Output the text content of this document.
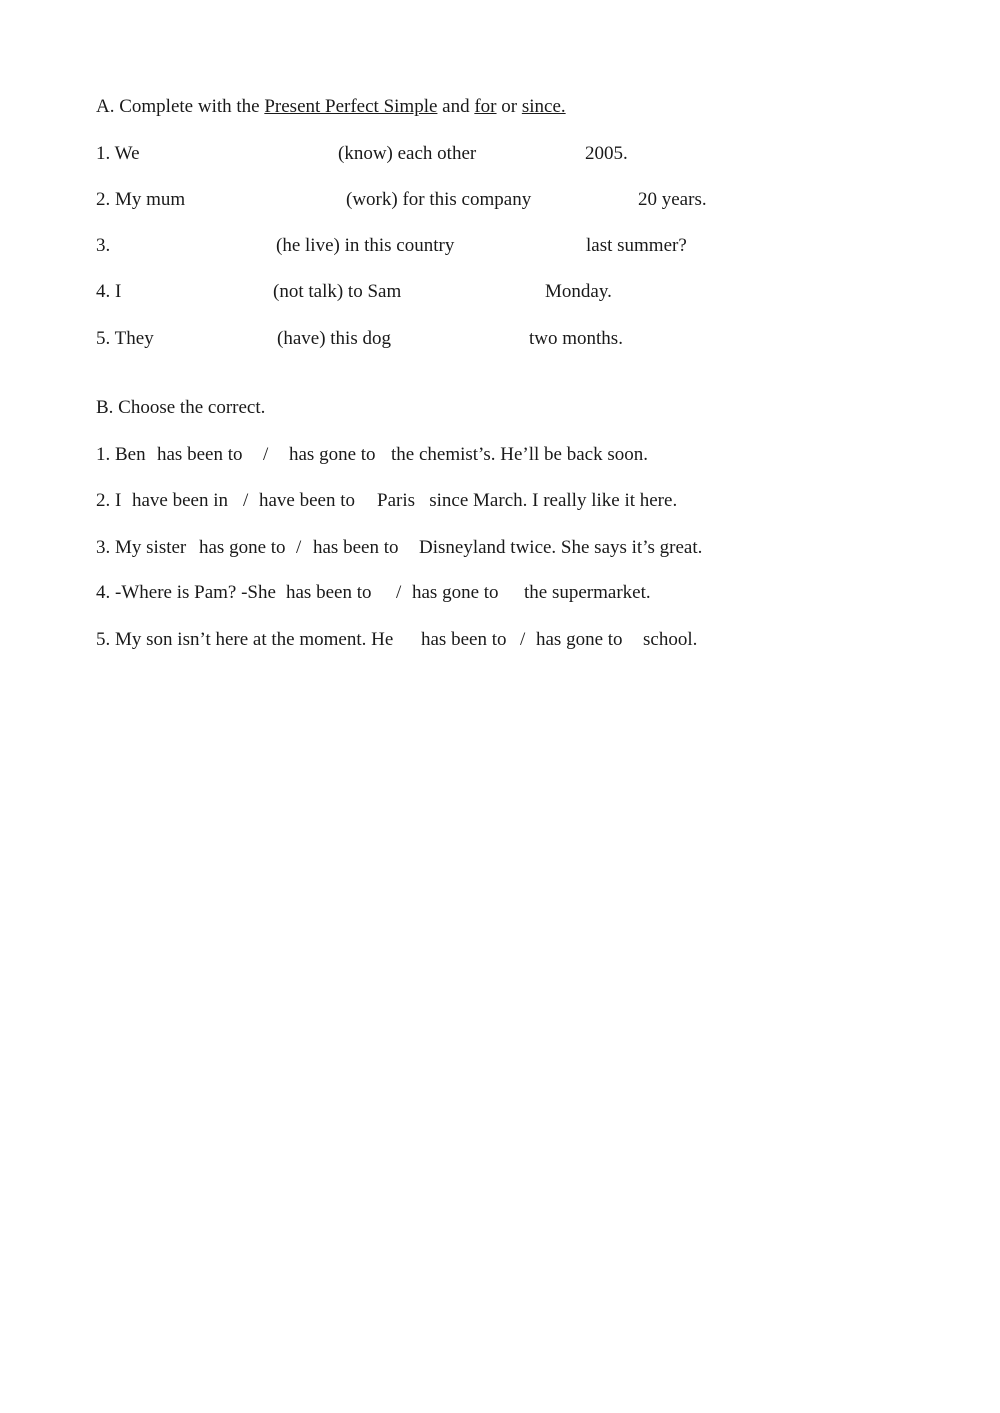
A. Complete with the Present Perfect Simple and for or since.
1. We	(know) each other	2005.
2. My mum	(work) for this company	20 years.
3.	(he live) in this country	last summer?
4. I	(not talk) to Sam	Monday.
5. They	(have) this dog	two months.
B. Choose the correct.
1. Ben has been to / has gone to the chemist’s. He’ll be back soon.
2. I have been in / have been to Paris   since March. I really like it here.
3. My sister has gone to / has been to Disneyland twice. She says it’s great.
4. -Where is Pam? -She has been to / has gone to the supermarket.
5. My son isn’t here at the moment. He has been to / has gone to school.
